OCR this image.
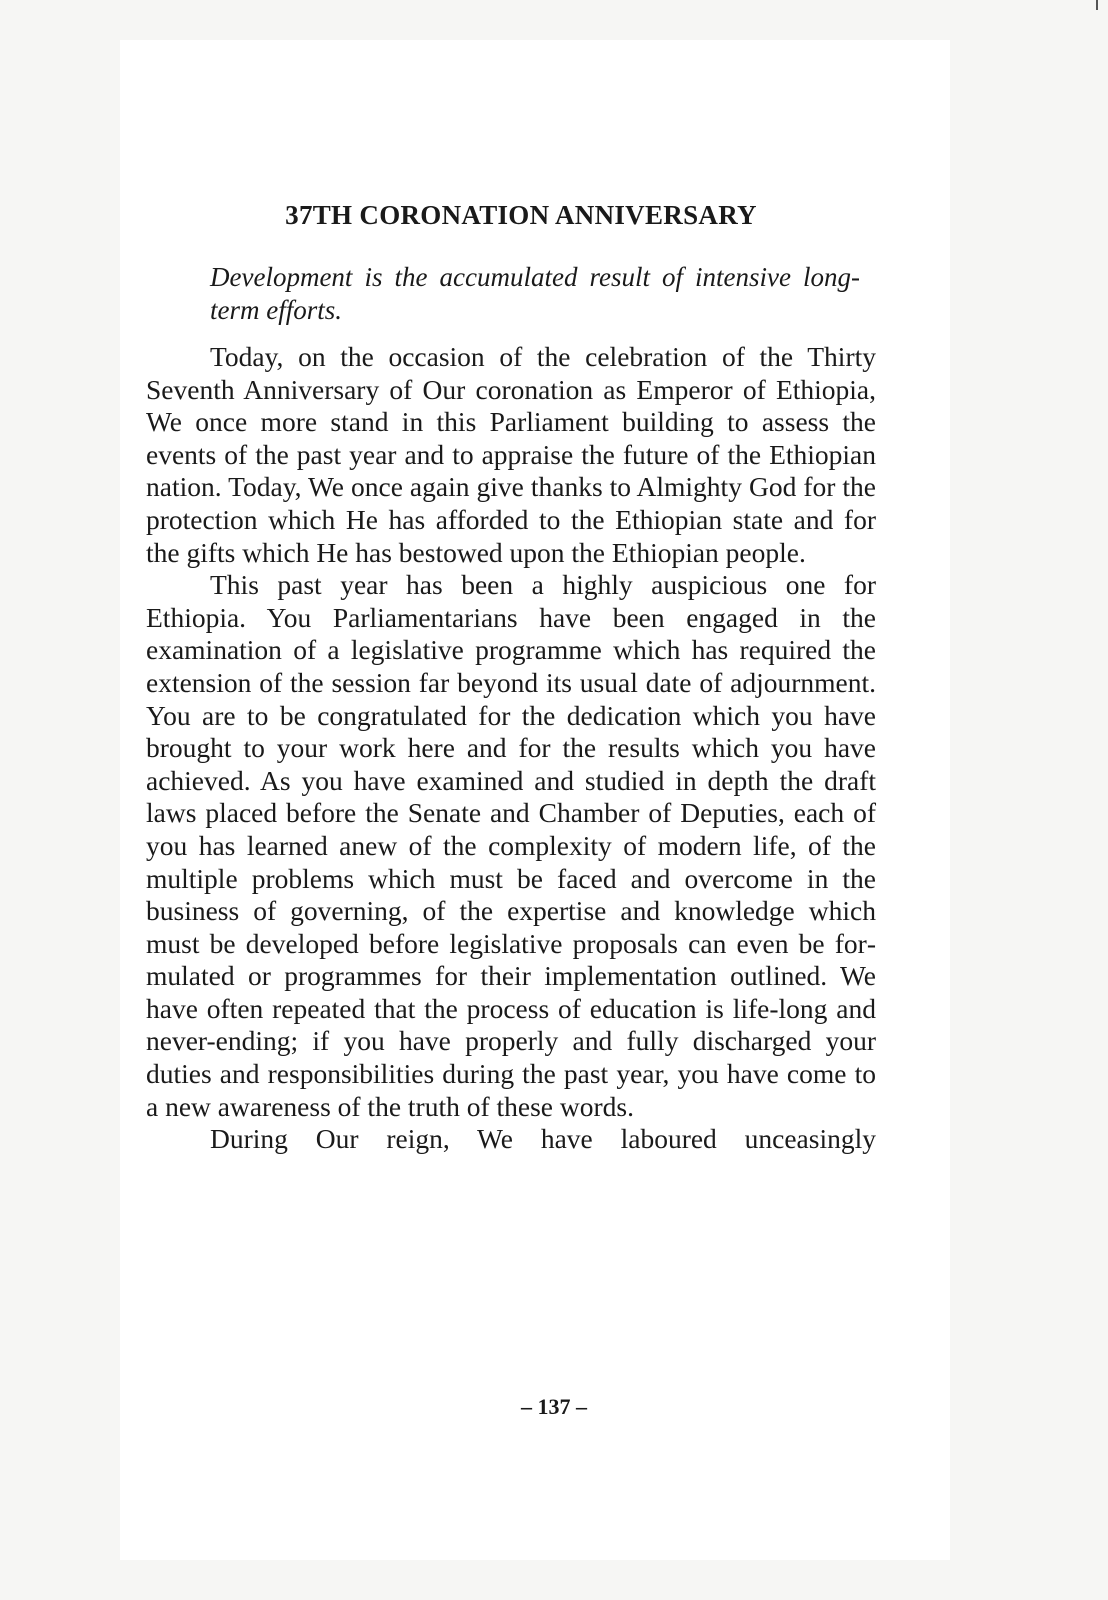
37TH CORONATION ANNIVERSARY

Development is the accumulated result of intensive long-term efforts.

Today, on the occasion of the celebration of the Thirty Seventh Anniversary of Our coronation as Emperor of Ethiopia, We once more stand in this Parliament building to assess the events of the past year and to appraise the future of the Ethiopian nation. Today, We once again give thanks to Almighty God for the protection which He has afforded to the Ethiopian state and for the gifts which He has bestowed upon the Ethiopian people.

This past year has been a highly auspicious one for Ethiopia. You Parliamentarians have been engaged in the examination of a legislative programme which has required the extension of the session far beyond its usual date of adjournment. You are to be congratulated for the dedication which you have brought to your work here and for the results which you have achieved. As you have examined and studied in depth the draft laws placed before the Senate and Chamber of Deputies, each of you has learned anew of the complexity of modern life, of the multiple problems which must be faced and overcome in the business of governing, of the expertise and knowledge which must be developed before legislative proposals can even be formulated or programmes for their implementation outlined. We have often repeated that the process of education is life-long and never-ending; if you have properly and fully discharged your duties and responsibilities during the past year, you have come to a new awareness of the truth of these words.

During Our reign, We have laboured unceasingly

– 137 –
